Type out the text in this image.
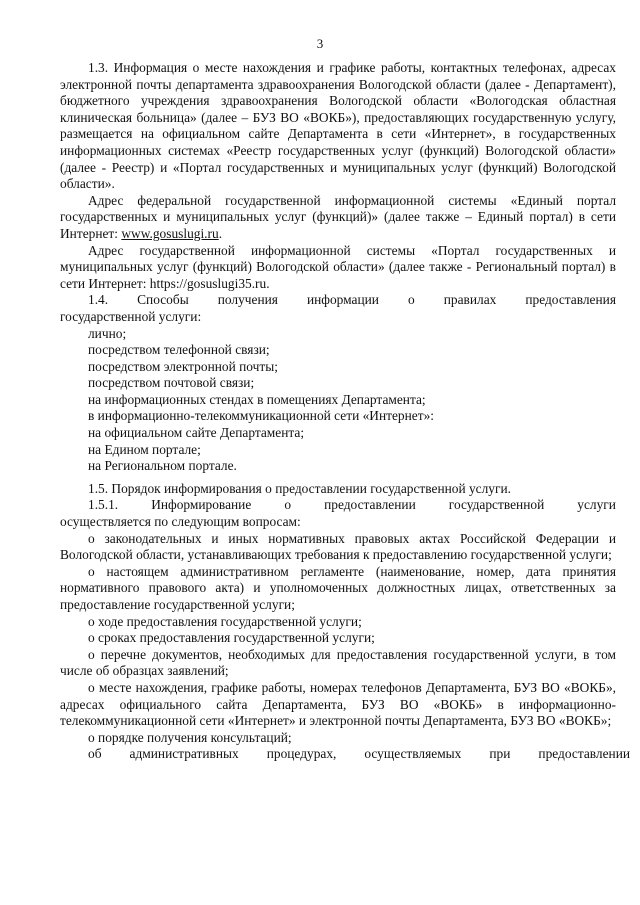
3

1.3. Информация о месте нахождения и графике работы, контактных телефонах, адресах электронной почты департамента здравоохранения Вологодской области (далее - Департамент), бюджетного учреждения здравоохранения Вологодской области «Вологодская областная клиническая больница» (далее – БУЗ ВО «ВОКБ»), предоставляющих государственную услугу, размещается на официальном сайте Департамента в сети «Интернет», в государственных информационных системах «Реестр государственных услуг (функций) Вологодской области» (далее - Реестр) и «Портал государственных и муниципальных услуг (функций) Вологодской области».

Адрес федеральной государственной информационной системы «Единый портал государственных и муниципальных услуг (функций)» (далее также – Единый портал) в сети Интернет: www.gosuslugi.ru.

Адрес государственной информационной системы «Портал государственных и муниципальных услуг (функций) Вологодской области» (далее также - Региональный портал) в сети Интернет: https://gosuslugi35.ru.

1.4.	Способы	получения	информации	о	правилах	предоставления

государственной услуги:

лично;

посредством телефонной связи;

посредством электронной почты;

посредством почтовой связи;

на информационных стендах в помещениях Департамента;

в информационно-телекоммуникационной сети «Интернет»:

на официальном сайте Департамента;

на Едином портале;

на Региональном портале.

1.5. Порядок информирования о предоставлении государственной услуги.

1.5.1.	Информирование	о	предоставлении	государственной	услуги

осуществляется по следующим вопросам:

о законодательных и иных нормативных правовых актах Российской Федерации и Вологодской области, устанавливающих требования к предоставлению государственной услуги;

о настоящем административном регламенте (наименование, номер, дата принятия нормативного правового акта) и уполномоченных должностных лицах, ответственных за предоставление государственной услуги;

о ходе предоставления государственной услуги;

о сроках предоставления государственной услуги;

о перечне документов, необходимых для предоставления государственной услуги, в том числе об образцах заявлений;

о месте нахождения, графике работы, номерах телефонов Департамента, БУЗ ВО «ВОКБ», адресах официального сайта Департамента, БУЗ ВО «ВОКБ» в информационно-телекоммуникационной сети «Интернет» и электронной почты Департамента, БУЗ ВО «ВОКБ»;

о порядке получения консультаций;

об	административных	процедурах,	осуществляемых	при	предоставлении
